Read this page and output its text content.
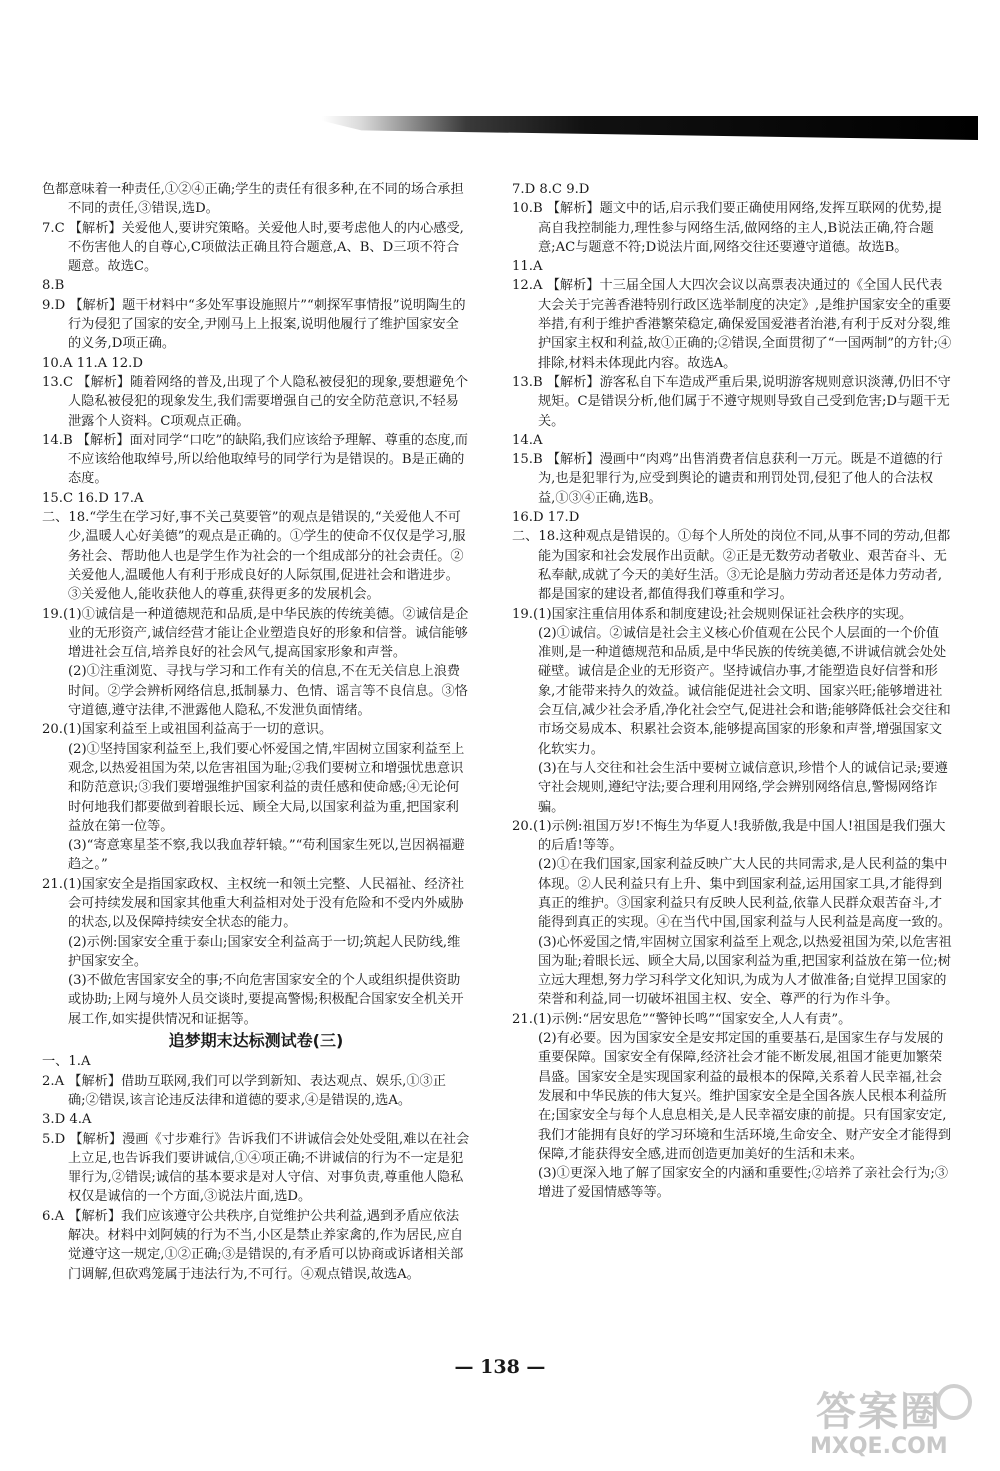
色都意味着一种责任,①②④正确;学生的责任有很多种,在不同的场合承担不同的责任,③错误,选D。

7.C 【解析】关爱他人,要讲究策略。关爱他人时,要考虑他人的内心感受,不伤害他人的自尊心,C项做法正确且符合题意,A、B、D三项不符合题意。故选C。

8.B

9.D 【解析】题干材料中“多处军事设施照片”“刺探军事情报”说明陶生的行为侵犯了国家的安全,尹刚马上上报案,说明他履行了维护国家安全的义务,D项正确。

10.A 11.A 12.D

13.C 【解析】随着网络的普及,出现了个人隐私被侵犯的现象,要想避免个人隐私被侵犯的现象发生,我们需要增强自己的安全防范意识,不轻易泄露个人资料。C项观点正确。

14.B 【解析】面对同学“口吃”的缺陷,我们应该给予理解、尊重的态度,而不应该给他取绰号,所以给他取绰号的同学行为是错误的。B是正确的态度。

15.C 16.D 17.A

二、18.“学生在学习好,事不关己莫要管”的观点是错误的,“关爱他人不可少,温暖人心好美德”的观点是正确的。①学生的使命不仅仅是学习,服务社会、帮助他人也是学生作为社会的一个组成部分的社会责任。②关爱他人,温暖他人有利于形成良好的人际氛围,促进社会和谐进步。③关爱他人,能收获他人的尊重,获得更多的发展机会。

19.(1)①诚信是一种道德规范和品质,是中华民族的传统美德。②诚信是企业的无形资产,诚信经营才能让企业塑造良好的形象和信誉。诚信能够增进社会互信,培养良好的社会风气,提高国家形象和声誉。

(2)①注重浏览、寻找与学习和工作有关的信息,不在无关信息上浪费时间。②学会辨析网络信息,抵制暴力、色情、谣言等不良信息。③恪守道德,遵守法律,不泄露他人隐私,不发泄负面情绪。

20.(1)国家利益至上或祖国利益高于一切的意识。

(2)①坚持国家利益至上,我们要心怀爱国之情,牢固树立国家利益至上观念,以热爱祖国为荣,以危害祖国为耻;②我们要树立和增强忧患意识和防范意识;③我们要增强维护国家利益的责任感和使命感;④无论何时何地我们都要做到着眼长远、顾全大局,以国家利益为重,把国家利益放在第一位等。

(3)“寄意寒星荃不察,我以我血荐轩辕。”“苟利国家生死以,岂因祸福避趋之。”

21.(1)国家安全是指国家政权、主权统一和领土完整、人民福祉、经济社会可持续发展和国家其他重大利益相对处于没有危险和不受内外威胁的状态,以及保障持续安全状态的能力。

(2)示例:国家安全重于泰山;国家安全利益高于一切;筑起人民防线,维护国家安全。

(3)不做危害国家安全的事;不向危害国家安全的个人或组织提供资助或协助;上网与境外人员交谈时,要提高警惕;积极配合国家安全机关开展工作,如实提供情况和证据等。

追梦期末达标测试卷(三)

一、1.A

2.A 【解析】借助互联网,我们可以学到新知、表达观点、娱乐,①③正确;②错误,该言论违反法律和道德的要求,④是错误的,选A。

3.D 4.A

5.D 【解析】漫画《寸步难行》告诉我们不讲诚信会处处受阻,难以在社会上立足,也告诉我们要讲诚信,①④项正确;不讲诚信的行为不一定是犯罪行为,②错误;诚信的基本要求是对人守信、对事负责,尊重他人隐私权仅是诚信的一个方面,③说法片面,选D。

6.A 【解析】我们应该遵守公共秩序,自觉维护公共利益,遇到矛盾应依法解决。材料中刘阿姨的行为不当,小区是禁止养家禽的,作为居民,应自觉遵守这一规定,①②正确;③是错误的,有矛盾可以协商或诉诸相关部门调解,但砍鸡笼属于违法行为,不可行。④观点错误,故选A。

7.D 8.C 9.D

10.B 【解析】题文中的话,启示我们要正确使用网络,发挥互联网的优势,提高自我控制能力,理性参与网络生活,做网络的主人,B说法正确,符合题意;AC与题意不符;D说法片面,网络交往还要遵守道德。故选B。

11.A

12.A 【解析】十三届全国人大四次会议以高票表决通过的《全国人民代表大会关于完善香港特别行政区选举制度的决定》,是维护国家安全的重要举措,有利于维护香港繁荣稳定,确保爱国爱港者治港,有利于反对分裂,维护国家主权和利益,故①正确的;②错误,全面贯彻了“一国两制”的方针;④排除,材料未体现此内容。故选A。

13.B 【解析】游客私自下车造成严重后果,说明游客规则意识淡薄,仍旧不守规矩。C是错误分析,他们属于不遵守规则导致自己受到危害;D与题干无关。

14.A

15.B 【解析】漫画中“肉鸡”出售消费者信息获利一万元。既是不道德的行为,也是犯罪行为,应受到舆论的谴责和刑罚处罚,侵犯了他人的合法权益,①③④正确,选B。

16.D 17.D

二、18.这种观点是错误的。①每个人所处的岗位不同,从事不同的劳动,但都能为国家和社会发展作出贡献。②正是无数劳动者敬业、艰苦奋斗、无私奉献,成就了今天的美好生活。③无论是脑力劳动者还是体力劳动者,都是国家的建设者,都值得我们尊重和学习。

19.(1)国家注重信用体系和制度建设;社会规则保证社会秩序的实现。

(2)①诚信。②诚信是社会主义核心价值观在公民个人层面的一个价值准则,是一种道德规范和品质,是中华民族的传统美德,不讲诚信就会处处碰壁。诚信是企业的无形资产。坚持诚信办事,才能塑造良好信誉和形象,才能带来持久的效益。诚信能促进社会文明、国家兴旺;能够增进社会互信,减少社会矛盾,净化社会空气,促进社会和谐;能够降低社会交往和市场交易成本、积累社会资本,能够提高国家的形象和声誉,增强国家文化软实力。

(3)在与人交往和社会生活中要树立诚信意识,珍惜个人的诚信记录;要遵守社会规则,遵纪守法;要合理利用网络,学会辨别网络信息,警惕网络诈骗。

20.(1)示例:祖国万岁!不悔生为华夏人!我骄傲,我是中国人!祖国是我们强大的后盾!等等。

(2)①在我们国家,国家利益反映广大人民的共同需求,是人民利益的集中体现。②人民利益只有上升、集中到国家利益,运用国家工具,才能得到真正的维护。③国家利益只有反映人民利益,依靠人民群众艰苦奋斗,才能得到真正的实现。④在当代中国,国家利益与人民利益是高度一致的。

(3)心怀爱国之情,牢固树立国家利益至上观念,以热爱祖国为荣,以危害祖国为耻;着眼长远、顾全大局,以国家利益为重,把国家利益放在第一位;树立远大理想,努力学习科学文化知识,为成为人才做准备;自觉捍卫国家的荣誉和利益,同一切破坏祖国主权、安全、尊严的行为作斗争。

21.(1)示例:“居安思危”“警钟长鸣”“国家安全,人人有责”。

(2)有必要。因为国家安全是安邦定国的重要基石,是国家生存与发展的重要保障。国家安全有保障,经济社会才能不断发展,祖国才能更加繁荣昌盛。国家安全是实现国家利益的最根本的保障,关系着人民幸福,社会发展和中华民族的伟大复兴。维护国家安全是全国各族人民根本利益所在;国家安全与每个人息息相关,是人民幸福安康的前提。只有国家安定,我们才能拥有良好的学习环境和生活环境,生命安全、财产安全才能得到保障,才能获得安全感,进而创造更加美好的生活和未来。

(3)①更深入地了解了国家安全的内涵和重要性;②培养了亲社会行为;③增进了爱国情感等等。

— 138 —
答案圈
MXQE.COM
